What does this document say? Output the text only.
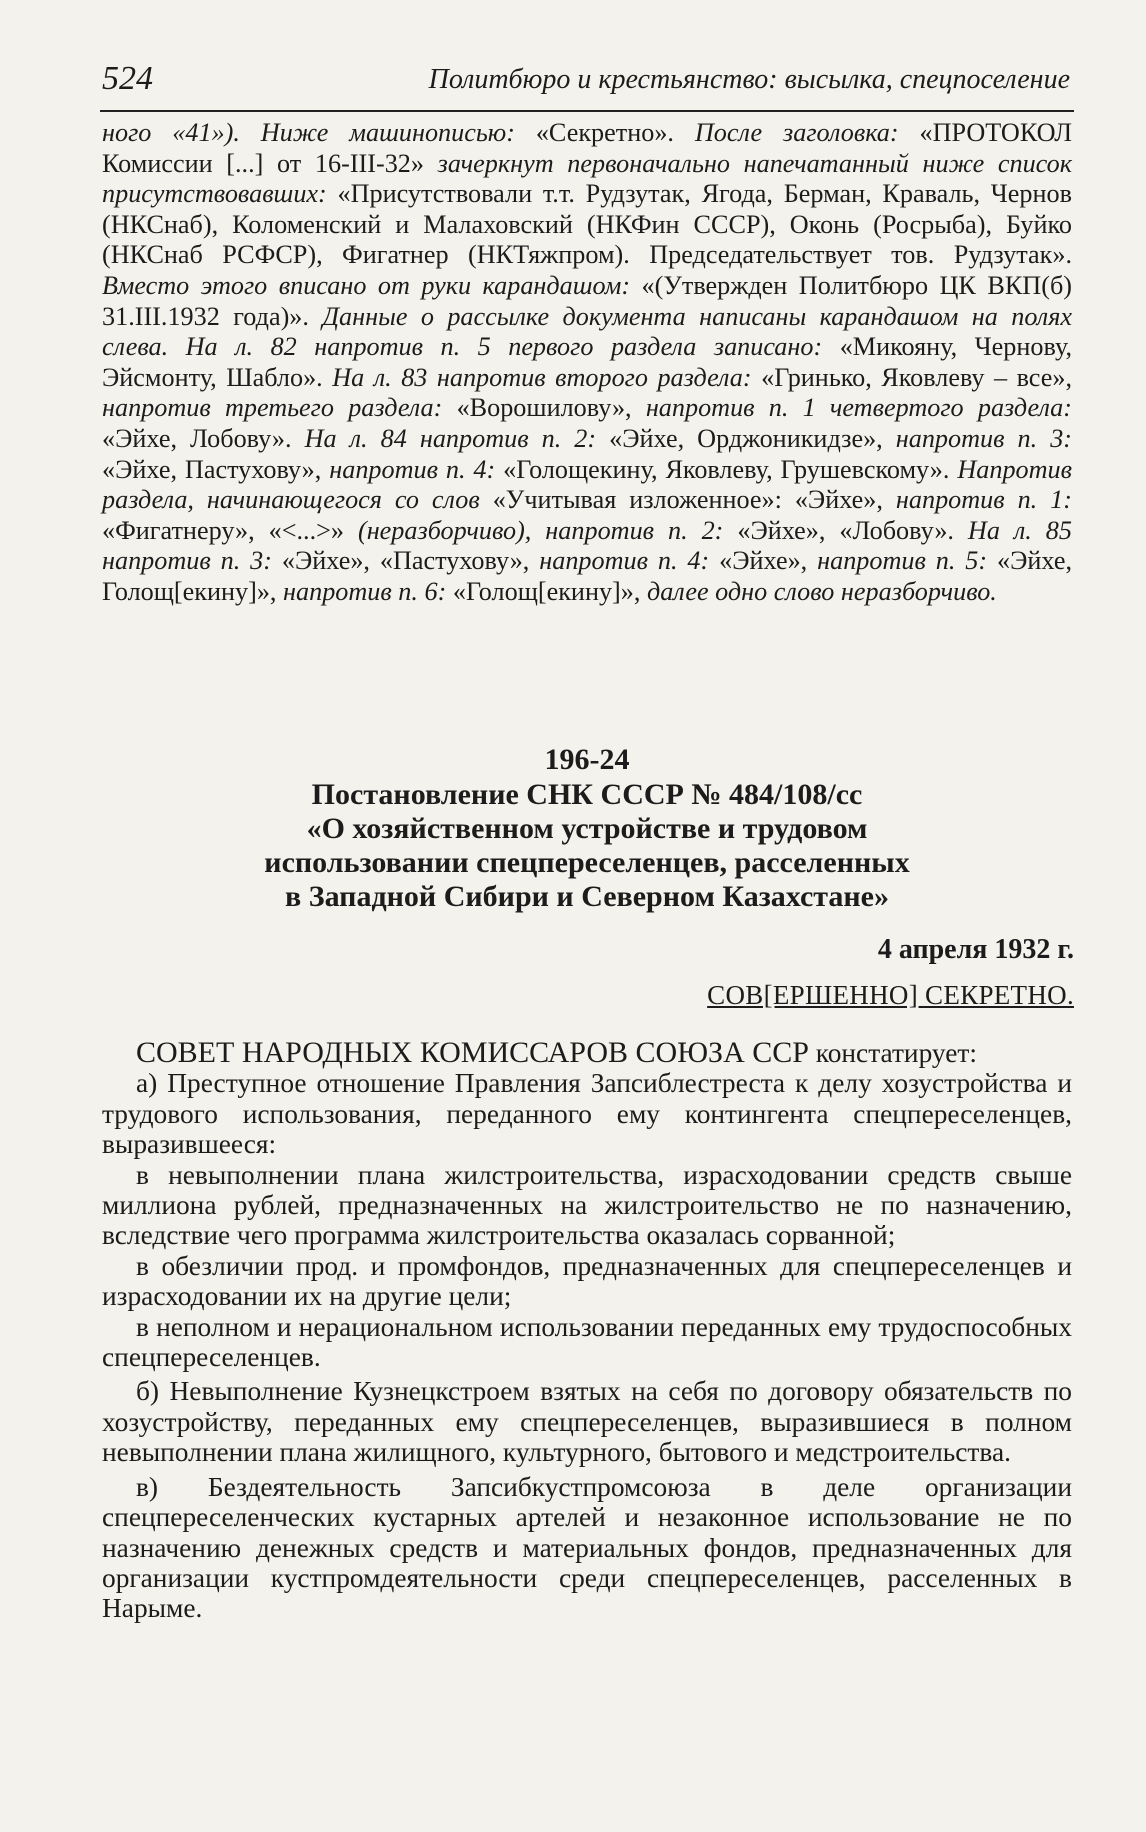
524	Политбюро и крестьянство: высылка, спецпоселение
ного «41»). Ниже машинописью: «Секретно». После заголовка: «ПРОТОКОЛ Комиссии [...] от 16-III-32» зачеркнут первоначально напечатанный ниже список присутствовавших: «Присутствовали т.т. Рудзутак, Ягода, Берман, Краваль, Чернов (НКСнаб), Коломенский и Малаховский (НКФин СССР), Оконь (Росрыба), Буйко (НКСнаб РСФСР), Фигатнер (НКТяжпром). Председательствует тов. Рудзутак». Вместо этого вписано от руки карандашом: «(Утвержден Политбюро ЦК ВКП(б) 31.III.1932 года)». Данные о рассылке документа написаны карандашом на полях слева. На л. 82 напротив п. 5 первого раздела записано: «Микояну, Чернову, Эйсмонту, Шабло». На л. 83 напротив второго раздела: «Гринько, Яковлеву – все», напротив третьего раздела: «Ворошилову», напротив п. 1 четвертого раздела: «Эйхе, Лобову». На л. 84 напротив п. 2: «Эйхе, Орджоникидзе», напротив п. 3: «Эйхе, Пастухову», напротив п. 4: «Голощекину, Яковлеву, Грушевскому». Напротив раздела, начинающегося со слов «Учитывая изложенное»: «Эйхе», напротив п. 1: «Фигатнеру», «<...>» (неразборчиво), напротив п. 2: «Эйхе», «Лобову». На л. 85 напротив п. 3: «Эйхе», «Пастухову», напротив п. 4: «Эйхе», напротив п. 5: «Эйхе, Голощ[екину]», напротив п. 6: «Голощ[екину]», далее одно слово неразборчиво.
196-24
Постановление СНК СССР № 484/108/сс
«О хозяйственном устройстве и трудовом
использовании спецпереселенцев, расселенных
в Западной Сибири и Северном Казахстане»
4 апреля 1932 г.
СОВ[ЕРШЕННО] СЕКРЕТНО.

СОВЕТ НАРОДНЫХ КОМИССАРОВ СОЮЗА ССР констатирует:

а) Преступное отношение Правления Запсиблестреста к делу хозустройства и трудового использования, переданного ему контингента спецпереселенцев, выразившееся:

в невыполнении плана жилстроительства, израсходовании средств свыше миллиона рублей, предназначенных на жилстроительство не по назначению, вследствие чего программа жилстроительства оказалась сорванной;

в обезличии прод. и промфондов, предназначенных для спецпереселенцев и израсходовании их на другие цели;

в неполном и нерациональном использовании переданных ему трудоспособных спецпереселенцев.

б) Невыполнение Кузнецкстроем взятых на себя по договору обязательств по хозустройству, переданных ему спецпереселенцев, выразившиеся в полном невыполнении плана жилищного, культурного, бытового и медстроительства.

в) Бездеятельность Запсибкустпромсоюза в деле организации спецпереселенческих кустарных артелей и незаконное использование не по назначению денежных средств и материальных фондов, предназначенных для организации кустпромдеятельности среди спецпереселенцев, расселенных в Нарыме.
